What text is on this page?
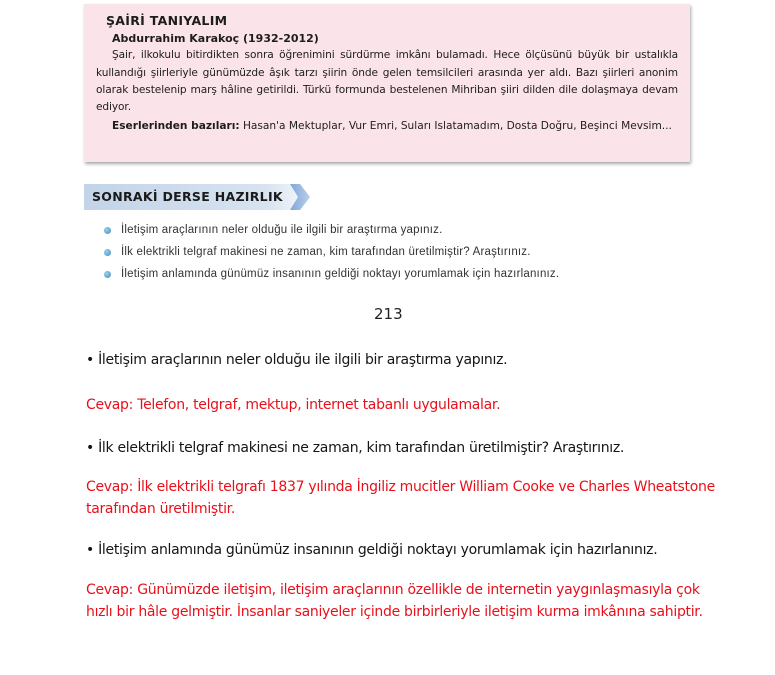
ŞAİRİ TANIYALIM
Abdurrahim Karakoç (1932-2012)

Şair, ilkokulu bitirdikten sonra öğrenimini sürdürme imkânı bulamadı. Hece ölçüsünü büyük bir ustalıkla kullandığı şiirleriyle günümüzde âşık tarzı şiirin önde gelen temsilcileri arasında yer aldı. Bazı şiirleri anonim olarak bestelenip marş hâline getirildi. Türkü formunda bestelenen Mihriban şiiri dilden dile dolaşmaya devam ediyor.

Eserlerinden bazıları: Hasan'a Mektuplar, Vur Emri, Suları Islatamadım, Dosta Doğru, Beşinci Mevsim...
SONRAKİ DERSE HAZIRLIK
İletişim araçlarının neler olduğu ile ilgili bir araştırma yapınız.
İlk elektrikli telgraf makinesi ne zaman, kim tarafından üretilmiştir? Araştırınız.
İletişim anlamında günümüz insanının geldiği noktayı yorumlamak için hazırlanınız.
213
• İletişim araçlarının neler olduğu ile ilgili bir araştırma yapınız.
Cevap: Telefon, telgraf, mektup, internet tabanlı uygulamalar.
• İlk elektrikli telgraf makinesi ne zaman, kim tarafından üretilmiştir? Araştırınız.
Cevap: İlk elektrikli telgrafı 1837 yılında İngiliz mucitler William Cooke ve Charles Wheatstone tarafından üretilmiştir.
• İletişim anlamında günümüz insanının geldiği noktayı yorumlamak için hazırlanınız.
Cevap: Günümüzde iletişim, iletişim araçlarının özellikle de internetin yaygınlaşmasıyla çok hızlı bir hâle gelmiştir. İnsanlar saniyeler içinde birbirleriyle iletişim kurma imkânına sahiptir.
